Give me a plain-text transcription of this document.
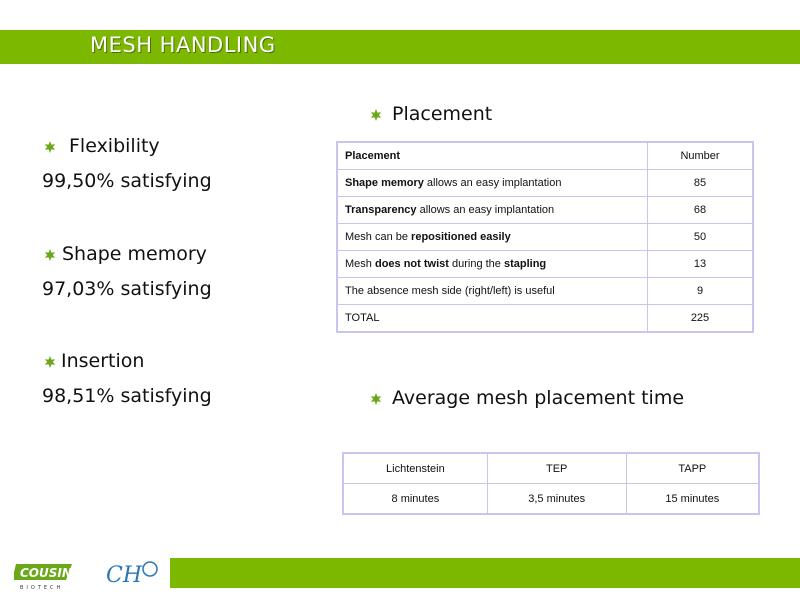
MESH HANDLING
Flexibility
99,50% satisfying
Shape memory
97,03% satisfying
Insertion
98,51% satisfying
Placement
Placement	Number
Shape memory allows an easy implantation	85
Transparency allows an easy implantation	68
Mesh can be repositioned easily	50
Mesh does not twist during the stapling	13
The absence mesh side (right/left) is useful	9
TOTAL	225
Average mesh placement time
Lichtenstein	TEP	TAPP
8 minutes	3,5 minutes	15 minutes
COUSIN
BIOTECH CH
